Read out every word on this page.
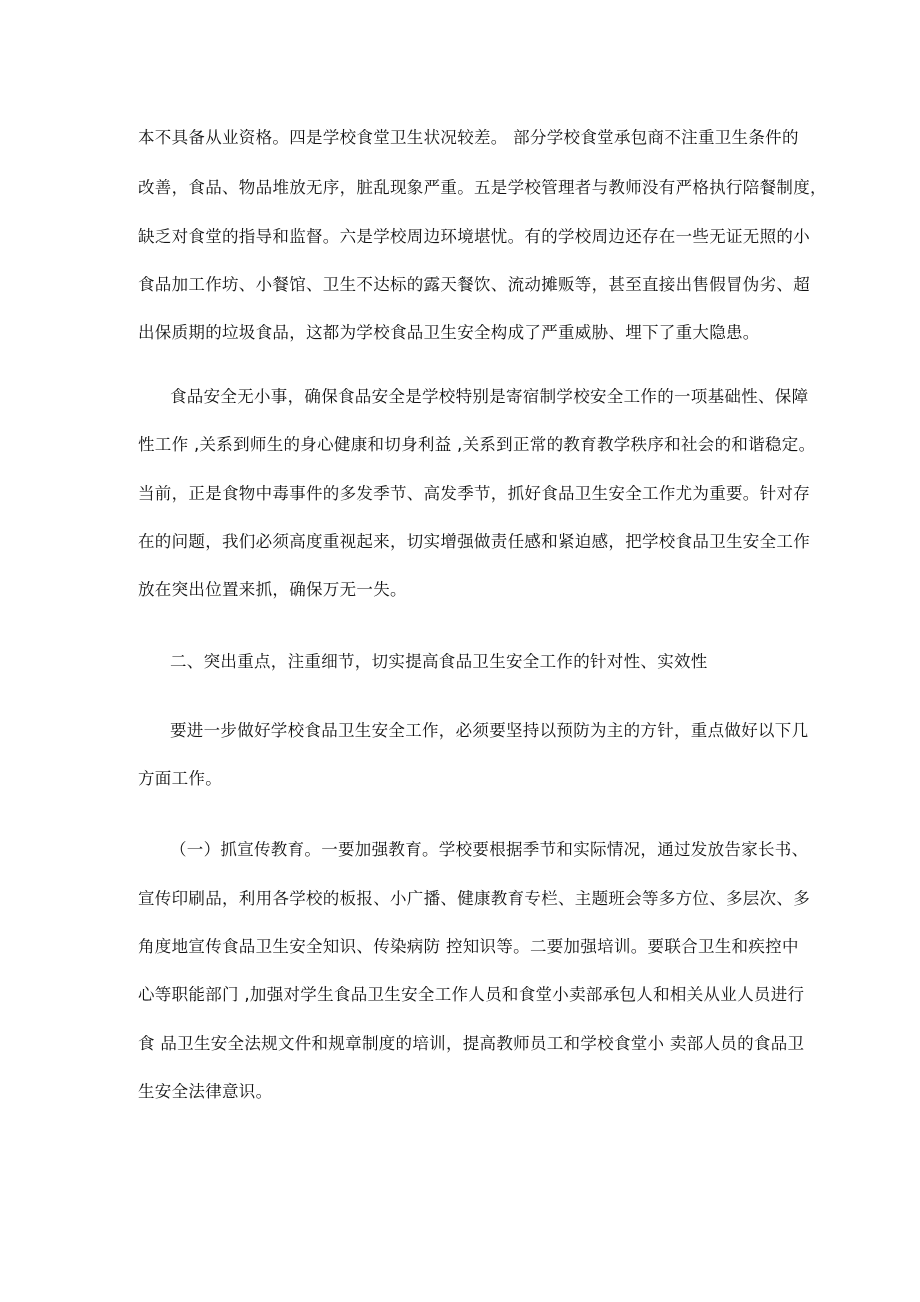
本不具备从业资格。四是学校食堂卫生状况较差。 部分学校食堂承包商不注重卫生条件的
改善，食品、物品堆放无序，脏乱现象严重。五是学校管理者与教师没有严格执行陪餐制度，
缺乏对食堂的指导和监督。六是学校周边环境堪忧。有的学校周边还存在一些无证无照的小
食品加工作坊、小餐馆、卫生不达标的露天餐饮、流动摊贩等，甚至直接出售假冒伪劣、超
出保质期的垃圾食品，这都为学校食品卫生安全构成了严重威胁、埋下了重大隐患。
食品安全无小事，确保食品安全是学校特别是寄宿制学校安全工作的一项基础性、保障
性工作 ,关系到师生的身心健康和切身利益 ,关系到正常的教育教学秩序和社会的和谐稳定。
当前，正是食物中毒事件的多发季节、高发季节，抓好食品卫生安全工作尤为重要。针对存
在的问题，我们必须高度重视起来，切实增强做责任感和紧迫感，把学校食品卫生安全工作
放在突出位置来抓，确保万无一失。
二、突出重点，注重细节，切实提高食品卫生安全工作的针对性、实效性
要进一步做好学校食品卫生安全工作，必须要坚持以预防为主的方针，重点做好以下几
方面工作。
（一）抓宣传教育。一要加强教育。学校要根据季节和实际情况，通过发放告家长书、
宣传印刷品，利用各学校的板报、小广播、健康教育专栏、主题班会等多方位、多层次、多
角度地宣传食品卫生安全知识、传染病防 控知识等。二要加强培训。要联合卫生和疾控中
心等职能部门 ,加强对学生食品卫生安全工作人员和食堂小卖部承包人和相关从业人员进行
食 品卫生安全法规文件和规章制度的培训，提高教师员工和学校食堂小 卖部人员的食品卫
生安全法律意识。
